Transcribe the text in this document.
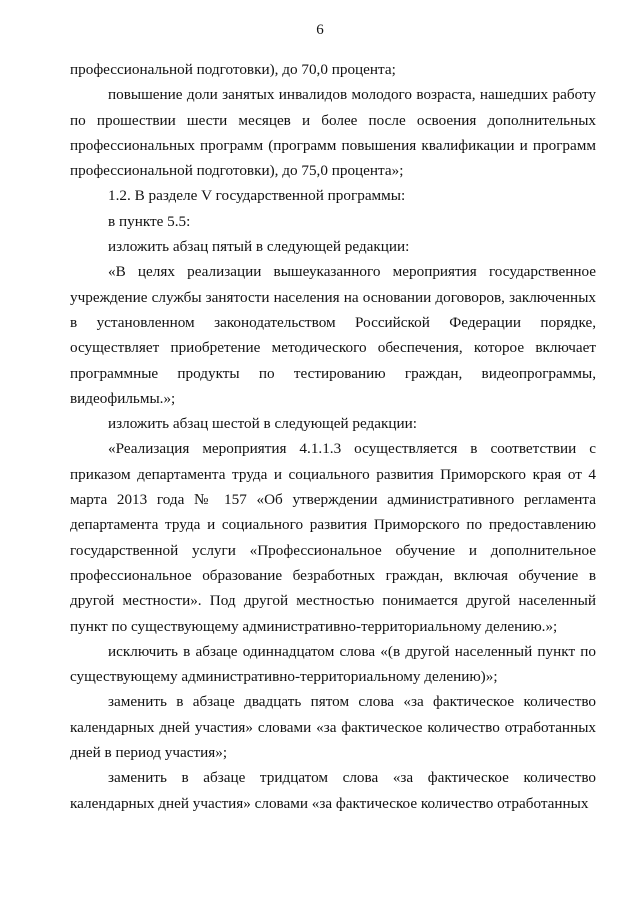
6

профессиональной подготовки), до 70,0 процента;

повышение доли занятых инвалидов молодого возраста, нашедших работу по прошествии шести месяцев и более после освоения дополнительных профессиональных программ (программ повышения квалификации и программ профессиональной подготовки), до 75,0 процента»;

1.2. В разделе V государственной программы:

в пункте 5.5:

изложить абзац пятый в следующей редакции:

«В целях реализации вышеуказанного мероприятия государственное учреждение службы занятости населения на основании договоров, заключенных в установленном законодательством Российской Федерации порядке, осуществляет приобретение методического обеспечения, которое включает программные продукты по тестированию граждан, видеопрограммы, видеофильмы.»;

изложить абзац шестой в следующей редакции:

«Реализация мероприятия 4.1.1.3 осуществляется в соответствии с приказом департамента труда и социального развития Приморского края от 4 марта 2013 года № 157 «Об утверждении административного регламента департамента труда и социального развития Приморского по предоставлению государственной услуги «Профессиональное обучение и дополнительное профессиональное образование безработных граждан, включая обучение в другой местности». Под другой местностью понимается другой населенный пункт по существующему административно-территориальному делению.»;

исключить в абзаце одиннадцатом слова «(в другой населенный пункт по существующему административно-территориальному делению)»;

заменить в абзаце двадцать пятом слова «за фактическое количество календарных дней участия» словами «за фактическое количество отработанных дней в период участия»;

заменить в абзаце тридцатом слова «за фактическое количество календарных дней участия» словами «за фактическое количество отработанных
